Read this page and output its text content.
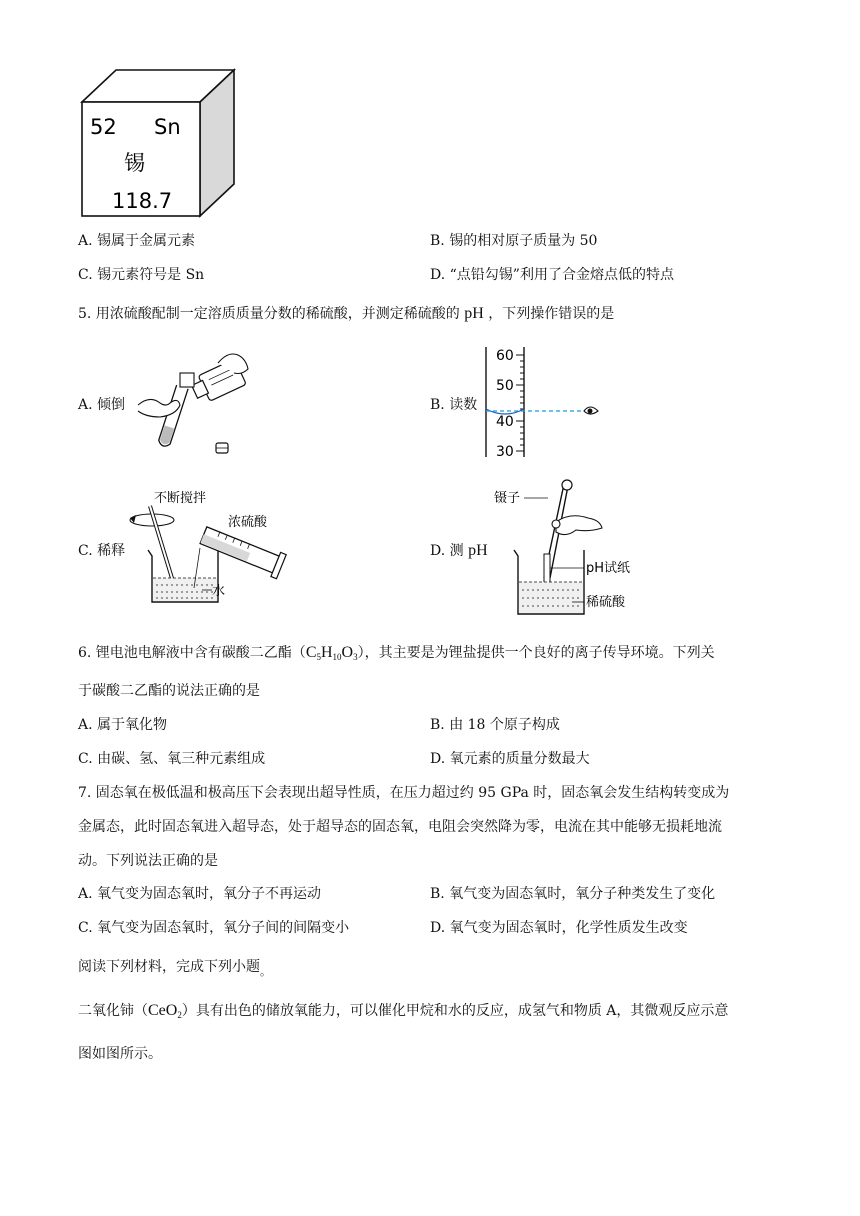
52 Sn
锡
118.7
A. 锡属于金属元素	B. 锡的相对原子质量为 50
C. 锡元素符号是 Sn	D. “点铅勾锡”利用了合金熔点低的特点
5. 用浓硫酸配制一定溶质质量分数的稀硫酸，并测定稀硫酸的 pH ，下列操作错误的是
A. 倾倒	B. 读数
60
50
40
30
C. 稀释
不断搅拌
浓硫酸
水
D. 测 pH
镊子
pH试纸
稀硫酸
6. 锂电池电解液中含有碳酸二乙酯$(C_5H_{10}O_3)$，其主要是为锂盐提供一个良好的离子传导环境。下列关
于碳酸二乙酯的说法正确的是
A. 属于氧化物	B. 由 18 个原子构成
C. 由碳、氢、氧三种元素组成	D. 氧元素的质量分数最大
7. 固态氧在极低温和极高压下会表现出超导性质，在压力超过约 95 GPa 时，固态氧会发生结构转变成为
金属态，此时固态氧进入超导态，处于超导态的固态氧，电阻会突然降为零，电流在其中能够无损耗地流
动。下列说法正确的是
A. 氧气变为固态氧时，氧分子不再运动	B. 氧气变为固态氧时，氧分子种类发生了变化
C. 氧气变为固态氧时，氧分子间的间隔变小	D. 氧气变为固态氧时，化学性质发生改变
阅读下列材料，完成下列小题$_。$
二氧化铈（CeO$_2$）具有出色的储放氧能力，可以催化甲烷和水的反应，成氢气和物质 A，其微观反应示意
图如图所示。
